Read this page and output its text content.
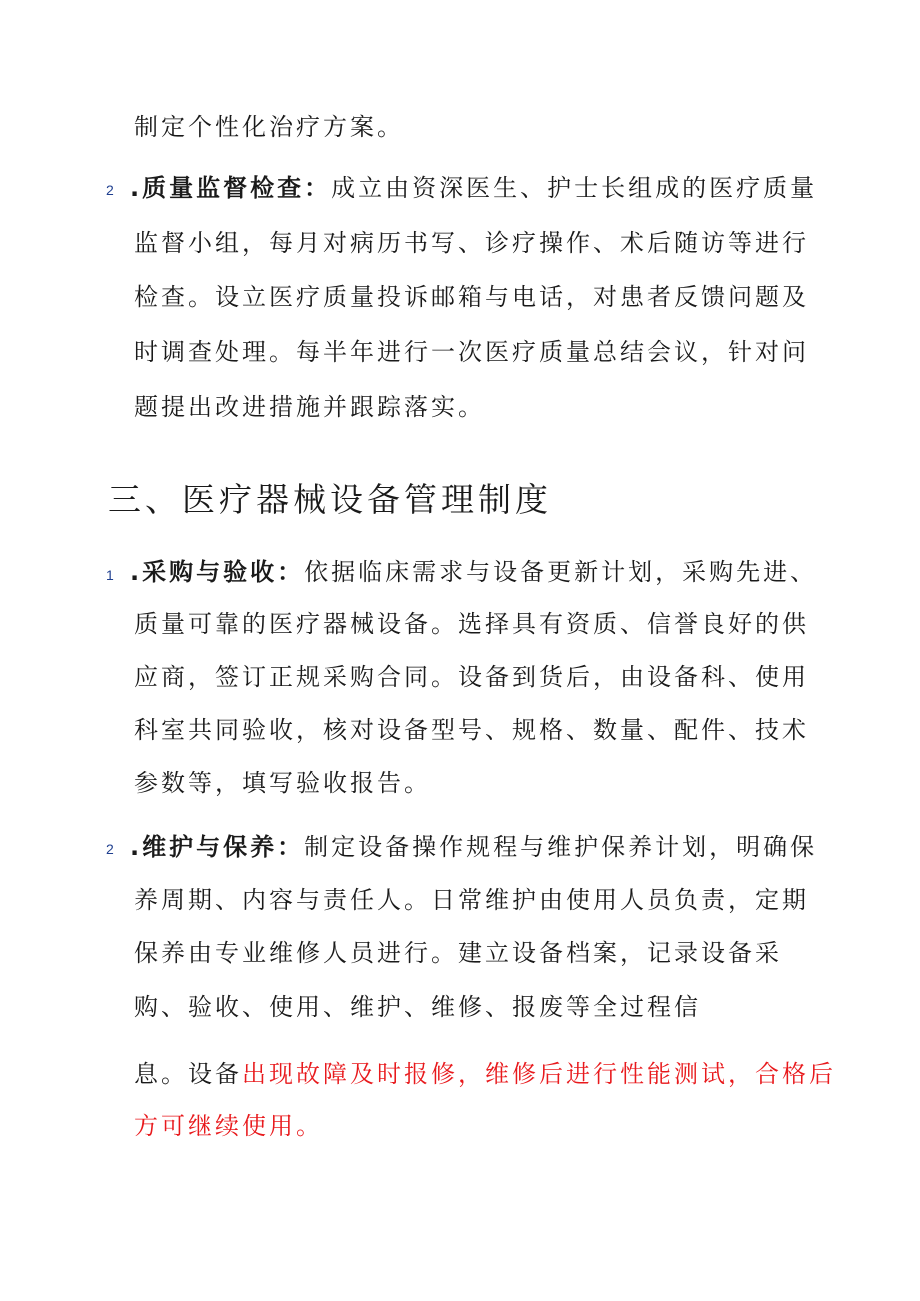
制定个性化治疗方案。
2 .质量监督检查：成立由资深医生、护士长组成的医疗质量
监督小组，每月对病历书写、诊疗操作、术后随访等进行
检查。设立医疗质量投诉邮箱与电话，对患者反馈问题及
时调查处理。每半年进行一次医疗质量总结会议，针对问
题提出改进措施并跟踪落实。
三、医疗器械设备管理制度
1 .采购与验收：依据临床需求与设备更新计划，采购先进、
质量可靠的医疗器械设备。选择具有资质、信誉良好的供
应商，签订正规采购合同。设备到货后，由设备科、使用
科室共同验收，核对设备型号、规格、数量、配件、技术
参数等，填写验收报告。
2 .维护与保养：制定设备操作规程与维护保养计划，明确保
养周期、内容与责任人。日常维护由使用人员负责，定期
保养由专业维修人员进行。建立设备档案，记录设备采
购、验收、使用、维护、维修、报废等全过程信
息。设备出现故障及时报修，维修后进行性能测试，合格后
方可继续使用。
